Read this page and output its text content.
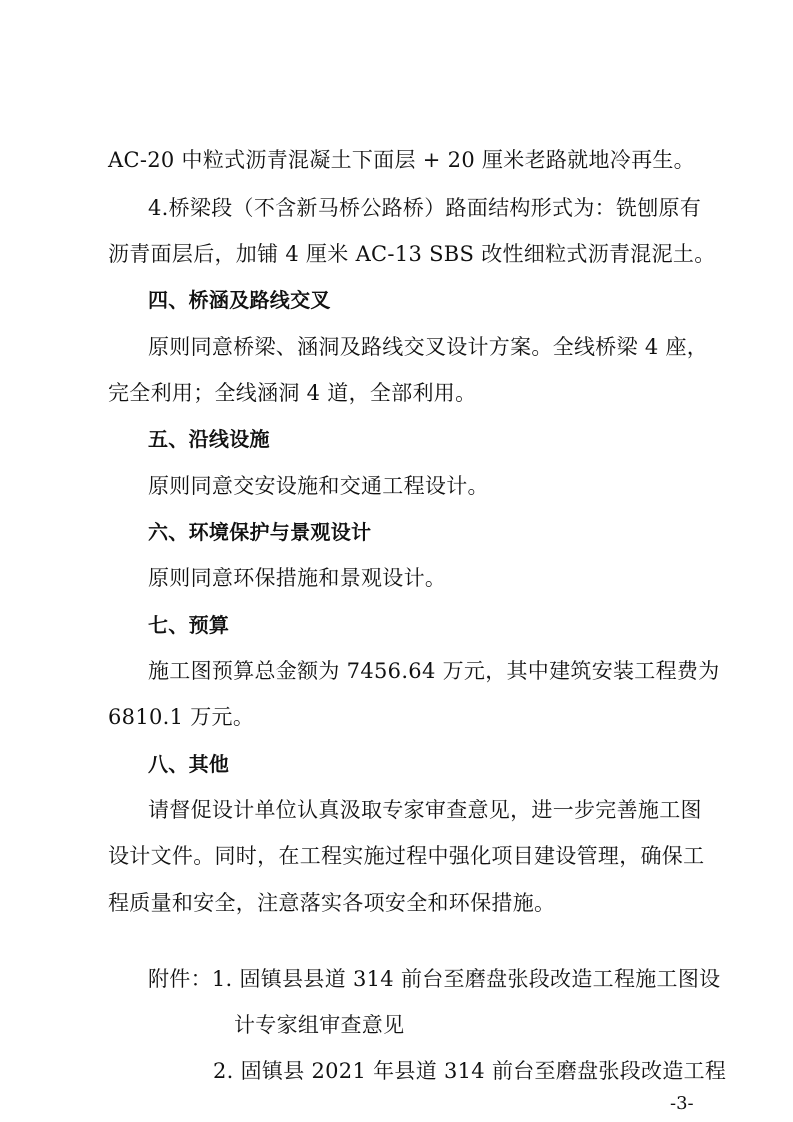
AC-20 中粒式沥青混凝土下面层 + 20 厘米老路就地冷再生。

4.桥梁段（不含新马桥公路桥）路面结构形式为：铣刨原有

沥青面层后，加铺 4 厘米 AC-13 SBS 改性细粒式沥青混泥土。

四、桥涵及路线交叉

原则同意桥梁、涵洞及路线交叉设计方案。全线桥梁 4 座，

完全利用；全线涵洞 4 道，全部利用。

五、沿线设施

原则同意交安设施和交通工程设计。

六、环境保护与景观设计

原则同意环保措施和景观设计。

七、预算

施工图预算总金额为 7456.64 万元，其中建筑安装工程费为

6810.1 万元。

八、其他

请督促设计单位认真汲取专家审查意见，进一步完善施工图

设计文件。同时，在工程实施过程中强化项目建设管理，确保工

程质量和安全，注意落实各项安全和环保措施。

附件：1. 固镇县县道 314 前台至磨盘张段改造工程施工图设

计专家组审查意见

2. 固镇县 2021 年县道 314 前台至磨盘张段改造工程

-3-
